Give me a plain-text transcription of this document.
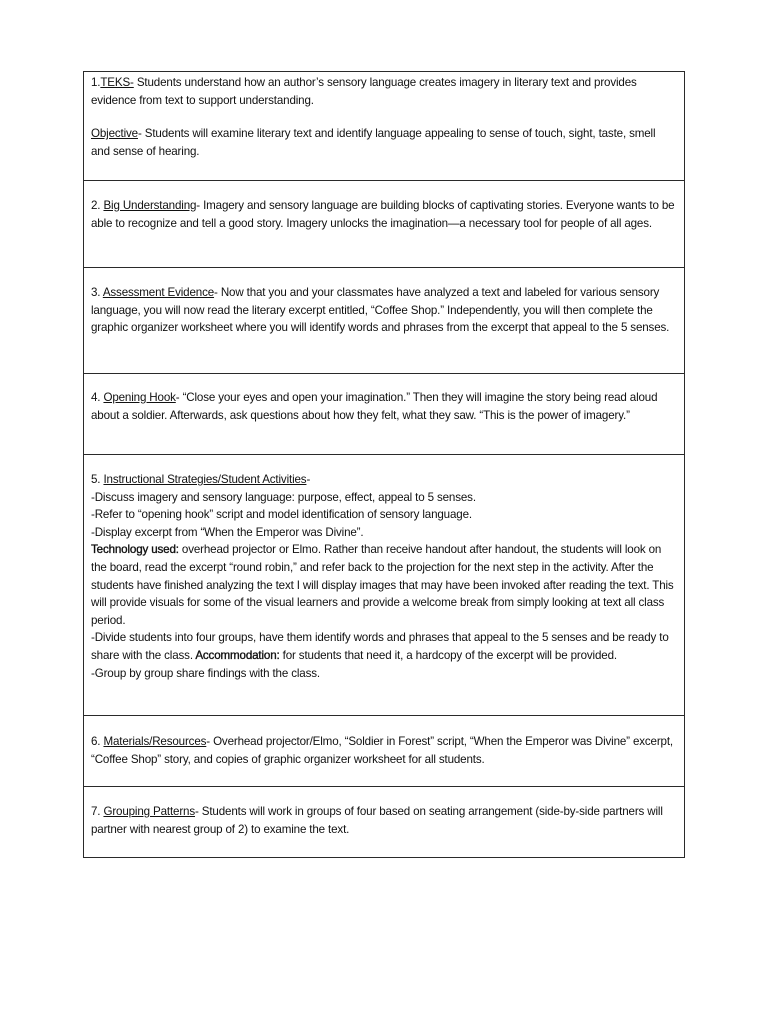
1.TEKS- Students understand how an author’s sensory language creates imagery in literary text and provides evidence from text to support understanding.

Objective- Students will examine literary text and identify language appealing to sense of touch, sight, taste, smell and sense of hearing.

2. Big Understanding- Imagery and sensory language are building blocks of captivating stories. Everyone wants to be able to recognize and tell a good story. Imagery unlocks the imagination—a necessary tool for people of all ages.

3. Assessment Evidence- Now that you and your classmates have analyzed a text and labeled for various sensory language, you will now read the literary excerpt entitled, “Coffee Shop.” Independently, you will then complete the graphic organizer worksheet where you will identify words and phrases from the excerpt that appeal to the 5 senses.

4. Opening Hook- “Close your eyes and open your imagination.” Then they will imagine the story being read aloud about a soldier. Afterwards, ask questions about how they felt, what they saw. “This is the power of imagery.”

5. Instructional Strategies/Student Activities-

-Discuss imagery and sensory language: purpose, effect, appeal to 5 senses.

-Refer to “opening hook” script and model identification of sensory language.

-Display excerpt from “When the Emperor was Divine”.

Technology used: overhead projector or Elmo. Rather than receive handout after handout, the students will look on the board, read the excerpt “round robin,” and refer back to the projection for the next step in the activity. After the students have finished analyzing the text I will display images that may have been invoked after reading the text. This will provide visuals for some of the visual learners and provide a welcome break from simply looking at text all class period.

-Divide students into four groups, have them identify words and phrases that appeal to the 5 senses and be ready to share with the class. Accommodation: for students that need it, a hardcopy of the excerpt will be provided.

-Group by group share findings with the class.

6. Materials/Resources- Overhead projector/Elmo, “Soldier in Forest” script, “When the Emperor was Divine” excerpt, “Coffee Shop” story, and copies of graphic organizer worksheet for all students.

7. Grouping Patterns- Students will work in groups of four based on seating arrangement (side-by-side partners will partner with nearest group of 2) to examine the text.
